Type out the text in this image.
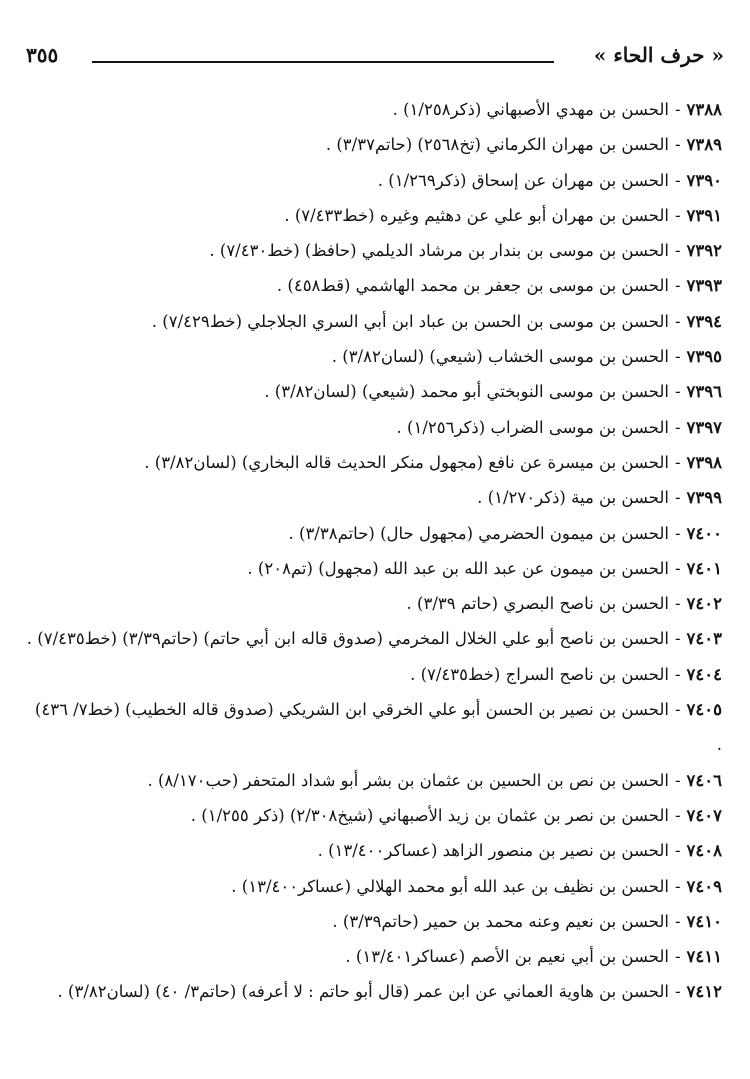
« حرف الحاء »
٣٥٥
٧٣٨٨-الحسن بن مهدي الأصبهاني (ذكر١/٢٥٨) .
٧٣٨٩-الحسن بن مهران الكرماني (تخ٢٥٦٨) (حاتم٣/٣٧) .
٧٣٩٠-الحسن بن مهران عن إسحاق (ذكر١/٢٦٩) .
٧٣٩١-الحسن بن مهران أبو علي عن دهثيم وغيره (خط٧/٤٣٣) .
٧٣٩٢-الحسن بن موسى بن بندار بن مرشاد الديلمي (حافظ) (خط٧/٤٣٠) .
٧٣٩٣-الحسن بن موسى بن جعفر بن محمد الهاشمي (قط٤٥٨) .
٧٣٩٤-الحسن بن موسى بن الحسن بن عباد ابن أبي السري الجلاجلي (خط٧/٤٢٩) .
٧٣٩٥-الحسن بن موسى الخشاب (شيعي) (لسان٣/٨٢) .
٧٣٩٦-الحسن بن موسى النوبختي أبو محمد (شيعي) (لسان٣/٨٢) .
٧٣٩٧-الحسن بن موسى الضراب (ذكر١/٢٥٦) .
٧٣٩٨-الحسن بن ميسرة عن نافع (مجهول منكر الحديث قاله البخاري) (لسان٣/٨٢) .
٧٣٩٩-الحسن بن مية (ذكر١/٢٧٠) .
٧٤٠٠-الحسن بن ميمون الحضرمي (مجهول حال) (حاتم٣/٣٨) .
٧٤٠١-الحسن بن ميمون عن عبد الله بن عبد الله (مجهول) (تم٢٠٨) .
٧٤٠٢-الحسن بن ناصح البصري (حاتم ٣/٣٩) .
٧٤٠٣-الحسن بن ناصح أبو علي الخلال المخرمي (صدوق قاله ابن أبي حاتم) (حاتم٣/٣٩) (خط٧/٤٣٥) .
٧٤٠٤-الحسن بن ناصح السراج (خط٧/٤٣٥) .
٧٤٠٥-الحسن بن نصير بن الحسن أبو علي الخرقي ابن الشريكي (صدوق قاله الخطيب) (خط٧/ ٤٣٦) .
٧٤٠٦-الحسن بن نص بن الحسين بن عثمان بن بشر أبو شداد المتحفر (حب٨/١٧٠) .
٧٤٠٧-الحسن بن نصر بن عثمان بن زيد الأصبهاني (شيخ٢/٣٠٨) (ذكر ١/٢٥٥) .
٧٤٠٨-الحسن بن نصير بن منصور الزاهد (عساكر١٣/٤٠٠) .
٧٤٠٩-الحسن بن نظيف بن عبد الله أبو محمد الهلالي (عساكر١٣/٤٠٠) .
٧٤١٠-الحسن بن نعيم وعنه محمد بن حمير (حاتم٣/٣٩) .
٧٤١١-الحسن بن أبي نعيم بن الأصم (عساكر١٣/٤٠١) .
٧٤١٢-الحسن بن هاوية العماني عن ابن عمر (قال أبو حاتم : لا أعرفه) (حاتم٣/ ٤٠) (لسان٣/٨٢) .
